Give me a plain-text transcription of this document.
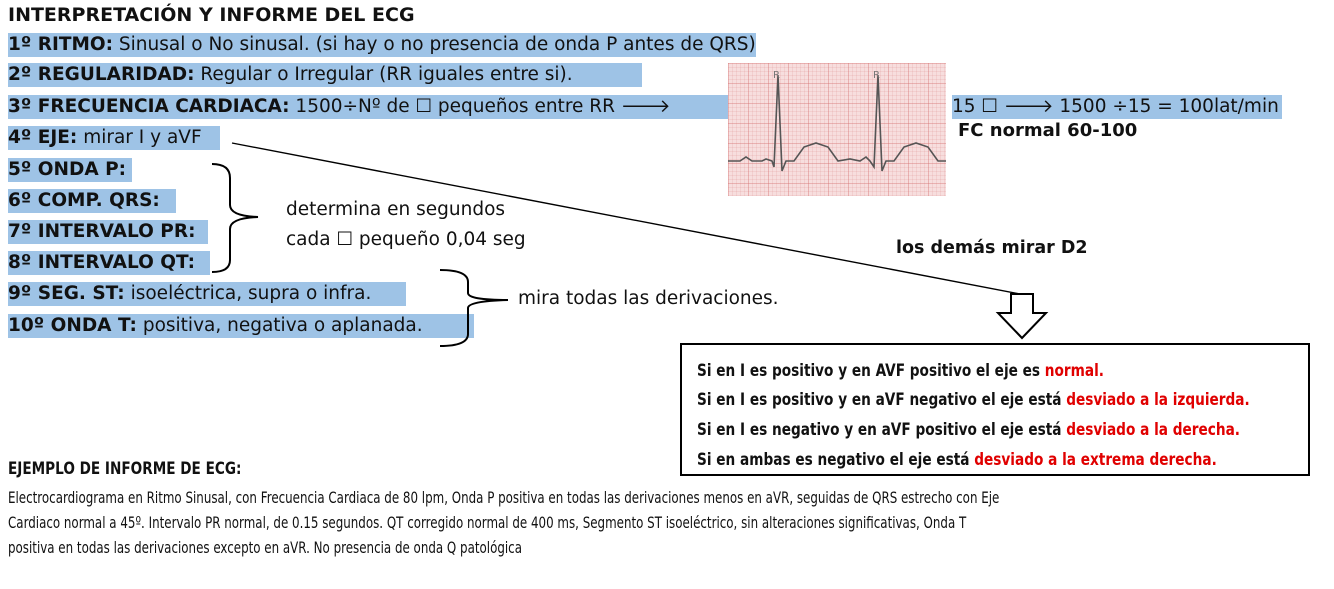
INTERPRETACIÓN Y INFORME DEL ECG
1º RITMO: Sinusal o No sinusal. (si hay o no presencia de onda P antes de QRS)
2º REGULARIDAD: Regular o Irregular (RR iguales entre si).
3º FRECUENCIA CARDIACA: 1500÷Nº de ☐ pequeños entre RR 🡒
4º EJE: mirar I y aVF
5º ONDA P:
6º COMP. QRS:
7º INTERVALO PR:
8º INTERVALO QT:
9º SEG. ST: isoeléctrica, supra o infra.
10º ONDA T: positiva, negativa o aplanada.
15 ☐ 🡒 1500 ÷15 = 100lat/min
FC normal 60-100
R	R
determina en segundos
cada ☐ pequeño 0,04 seg
mira todas las derivaciones.
los demás mirar D2
Si en I es positivo y en AVF positivo el eje es normal.
Si en I es positivo y en aVF negativo el eje está desviado a la izquierda.
Si en I es negativo y en aVF positivo el eje está desviado a la derecha.
Si en ambas es negativo el eje está desviado a la extrema derecha.
EJEMPLO DE INFORME DE ECG:
Electrocardiograma en Ritmo Sinusal, con Frecuencia Cardiaca de 80 lpm, Onda P positiva en todas las derivaciones menos en aVR, seguidas de QRS estrecho con Eje
Cardiaco normal a 45º. Intervalo PR normal, de 0.15 segundos. QT corregido normal de 400 ms, Segmento ST isoeléctrico, sin alteraciones significativas, Onda T
positiva en todas las derivaciones excepto en aVR. No presencia de onda Q patológica
